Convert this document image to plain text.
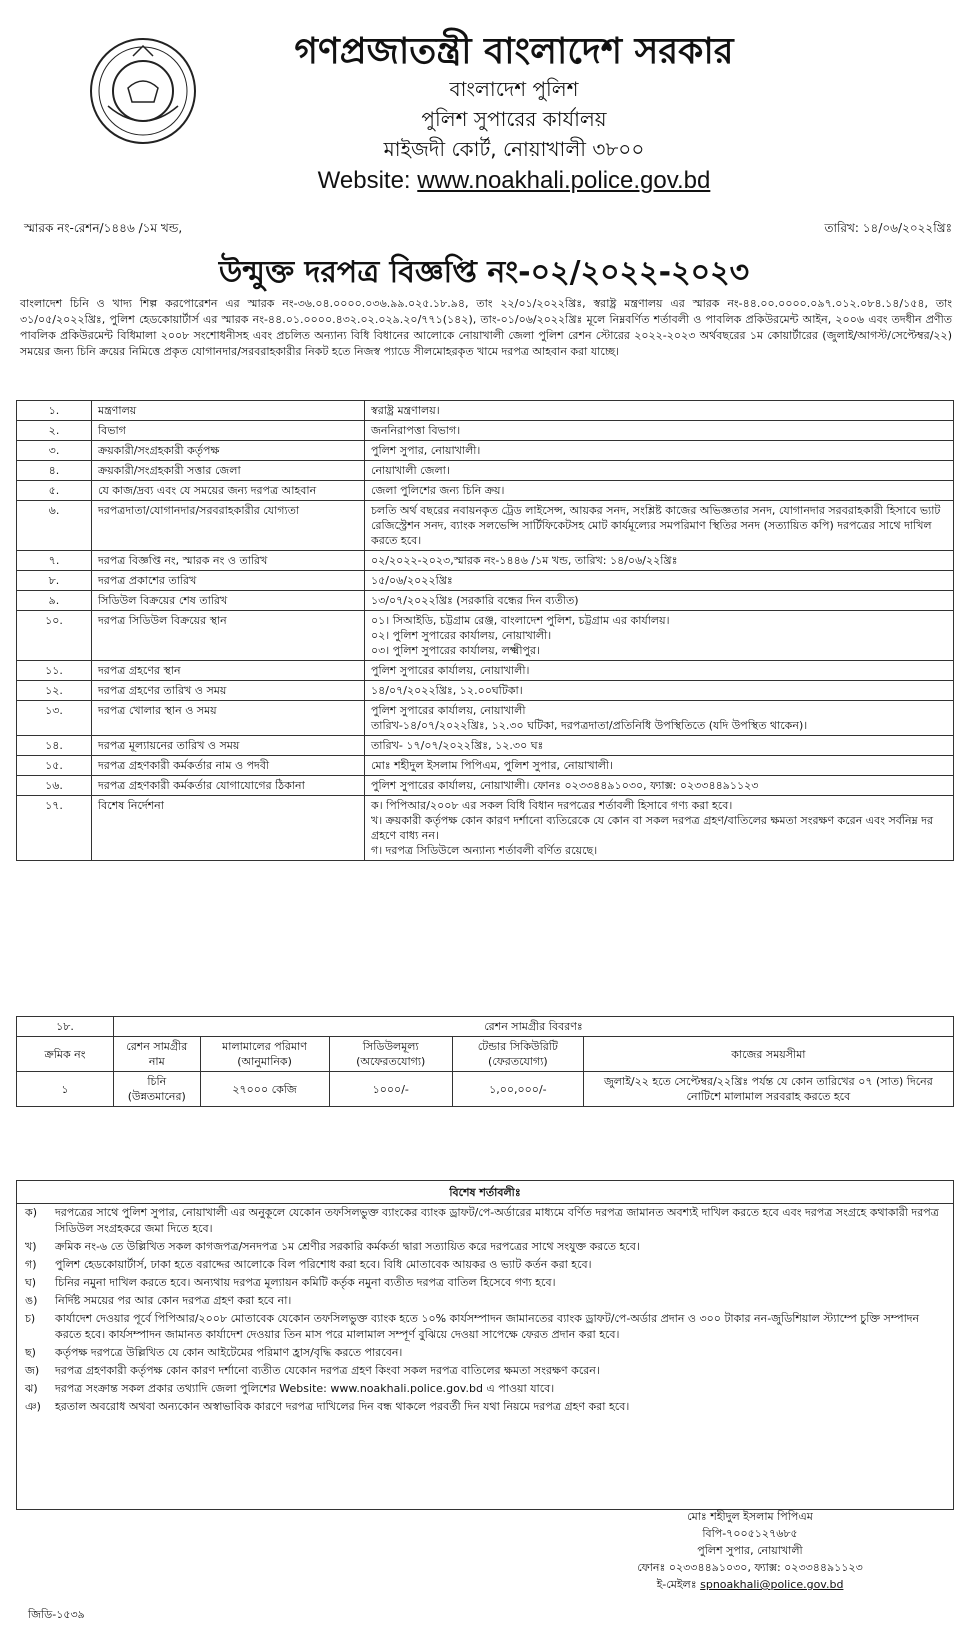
গণপ্রজাতন্ত্রী বাংলাদেশ সরকার
বাংলাদেশ পুলিশ
পুলিশ সুপারের কার্যালয়
মাইজদী কোর্ট, নোয়াখালী ৩৮০০
Website: www.noakhali.police.gov.bd
স্মারক নং-রেশন/১৪৪৬ /১ম খন্ড,	তারিখ: ১৪/০৬/২০২২খ্রিঃ
উন্মুক্ত দরপত্র বিজ্ঞপ্তি নং-০২/২০২২-২০২৩
বাংলাদেশ চিনি ও খাদ্য শিল্প করপোরেশন এর স্মারক নং-৩৬.০৪.০০০০.০৩৬.৯৯.০২৫.১৮.৯৪, তাং ২২/০১/২০২২খ্রিঃ, স্বরাষ্ট্র মন্ত্রণালয় এর স্মারক নং-৪৪.০০.০০০০.০৯৭.০১২.০৮৪.১৪/১৫৪, তাং ৩১/০৫/২০২২খ্রিঃ, পুলিশ হেডকোয়ার্টার্স এর স্মারক নং-৪৪.০১.০০০০.৪৩২.০২.০২৯.২০/৭৭১(১৪২), তাং-০১/০৬/২০২২খ্রিঃ মূলে নিম্নবর্ণিত শর্তাবলী ও পাবলিক প্রকিউরমেন্ট আইন, ২০০৬ এবং তদধীন প্রণীত পাবলিক প্রকিউরমেন্ট বিধিমালা ২০০৮ সংশোধনীসহ এবং প্রচলিত অন্যান্য বিধি বিধানের আলোকে নোয়াখালী জেলা পুলিশ রেশন স্টোরের ২০২২-২০২৩ অর্থবছরের ১ম কোয়ার্টারের (জুলাই/আগস্ট/সেপ্টেম্বর/২২) সময়ের জন্য চিনি ক্রয়ের নিমিত্তে প্রকৃত যোগানদার/সরবরাহকারীর নিকট হতে নিজস্ব প্যাডে সীলমোহরকৃত খামে দরপত্র আহবান করা যাচ্ছে।
১.	মন্ত্রণালয়	স্বরাষ্ট্র মন্ত্রণালয়।
২.	বিভাগ	জননিরাপত্তা বিভাগ।
৩.	ক্রয়কারী/সংগ্রহকারী কর্তৃপক্ষ	পুলিশ সুপার, নোয়াখালী।
৪.	ক্রয়কারী/সংগ্রহকারী সত্তার জেলা	নোয়াখালী জেলা।
৫.	যে কাজ/দ্রব্য এবং যে সময়ের জন্য দরপত্র আহবান	জেলা পুলিশের জন্য চিনি ক্রয়।
৬.	দরপত্রদাতা/যোগানদার/সরবরাহকারীর যোগ্যতা	চলতি অর্থ বছরের নবায়নকৃত ট্রেড লাইসেন্স, আয়কর সনদ, সংশ্লিষ্ট কাজের অভিজ্ঞতার সনদ, যোগানদার সরবরাহকারী হিসাবে ভ্যাট রেজিস্ট্রেশন সনদ, ব্যাংক সলভেন্সি সার্টিফিকেটসহ মোট কার্যমূল্যের সমপরিমাণ স্থিতির সনদ (সত্যায়িত কপি) দরপত্রের সাথে দাখিল করতে হবে।
৭.	দরপত্র বিজ্ঞপ্তি নং, স্মারক নং ও তারিখ	০২/২০২২-২০২৩,স্মারক নং-১৪৪৬ /১ম খন্ড, তারিখ: ১৪/০৬/২২খ্রিঃ
৮.	দরপত্র প্রকাশের তারিখ	১৫/০৬/২০২২খ্রিঃ
৯.	সিডিউল বিক্রয়ের শেষ তারিখ	১৩/০৭/২০২২খ্রিঃ (সরকারি বন্ধের দিন ব্যতীত)
১০.	দরপত্র সিডিউল বিক্রয়ের স্থান	০১। সিআইডি, চট্টগ্রাম রেঞ্জ, বাংলাদেশ পুলিশ, চট্টগ্রাম এর কার্যালয়।
০২। পুলিশ সুপারের কার্যালয়, নোয়াখালী।
০৩। পুলিশ সুপারের কার্যালয়, লক্ষ্মীপুর।
১১.	দরপত্র গ্রহণের স্থান	পুলিশ সুপারের কার্যালয়, নোয়াখালী।
১২.	দরপত্র গ্রহণের তারিখ ও সময়	১৪/০৭/২০২২খ্রিঃ, ১২.০০ঘটিকা।
১৩.	দরপত্র খোলার স্থান ও সময়	পুলিশ সুপারের কার্যালয়, নোয়াখালী
তারিখ-১৪/০৭/২০২২খ্রিঃ, ১২.৩০ ঘটিকা, দরপত্রদাতা/প্রতিনিধি উপস্থিতিতে (যদি উপস্থিত থাকেন)।
১৪.	দরপত্র মূল্যায়নের তারিখ ও সময়	তারিখ- ১৭/০৭/২০২২খ্রিঃ, ১২.৩০ ঘঃ
১৫.	দরপত্র গ্রহণকারী কর্মকর্তার নাম ও পদবী	মোঃ শহীদুল ইসলাম পিপিএম, পুলিশ সুপার, নোয়াখালী।
১৬.	দরপত্র গ্রহণকারী কর্মকর্তার যোগাযোগের ঠিকানা	পুলিশ সুপারের কার্যালয়, নোয়াখালী। ফোনঃ ০২৩৩৪৪৯১০৩০, ফ্যাক্স: ০২৩৩৪৪৯১১২৩
১৭.	বিশেষ নির্দেশনা	ক। পিপিআর/২০০৮ এর সকল বিধি বিধান দরপত্রের শর্তাবলী হিসাবে গণ্য করা হবে।
খ। ক্রয়কারী কর্তৃপক্ষ কোন কারণ দর্শানো ব্যতিরেকে যে কোন বা সকল দরপত্র গ্রহণ/বাতিলের ক্ষমতা সংরক্ষণ করেন এবং সর্বনিম্ন দর গ্রহণে বাধ্য নন।
গ। দরপত্র সিডিউলে অন্যান্য শর্তাবলী বর্ণিত রয়েছে।
১৮.	রেশন সামগ্রীর বিবরণঃ				
ক্রমিক নং	রেশন সামগ্রীর নাম	মালামালের পরিমাণ (আনুমানিক)	সিডিউলমূল্য (অফেরতযোগ্য)	টেন্ডার সিকিউরিটি (ফেরতযোগ্য)	কাজের সময়সীমা
১	চিনি (উন্নতমানের)	২৭০০০ কেজি	১০০০/-	১,০০,০০০/-	জুলাই/২২ হতে সেপ্টেম্বর/২২খ্রিঃ পর্যন্ত যে কোন তারিখের ০৭ (সাত) দিনের নোটিশে মালামাল সরবরাহ করতে হবে
বিশেষ শর্তাবলীঃ
ক)	দরপত্রের সাথে পুলিশ সুপার, নোয়াখালী এর অনুকূলে যেকোন তফসিলভুক্ত ব্যাংকের ব্যাংক ড্রাফট/পে-অর্ডারের মাধ্যমে বর্ণিত দরপত্র জামানত অবশ্যই দাখিল করতে হবে এবং দরপত্র সংগ্রহে কথাকারী দরপত্র সিডিউল সংগ্রহকরে জমা দিতে হবে।
খ)	ক্রমিক নং-৬ তে উল্লিখিত সকল কাগজপত্র/সনদপত্র ১ম শ্রেণীর সরকারি কর্মকর্তা দ্বারা সত্যায়িত করে দরপত্রের সাথে সংযুক্ত করতে হবে।
গ)	পুলিশ হেডকোয়ার্টার্স, ঢাকা হতে বরাদ্দের আলোকে বিল পরিশোধ করা হবে। বিধি মোতাবেক আয়কর ও ভ্যাট কর্তন করা হবে।
ঘ)	চিনির নমুনা দাখিল করতে হবে। অন্যথায় দরপত্র মূল্যায়ন কমিটি কর্তৃক নমুনা ব্যতীত দরপত্র বাতিল হিসেবে গণ্য হবে।
ঙ)	নির্দিষ্ট সময়ের পর আর কোন দরপত্র গ্রহণ করা হবে না।
চ)	কার্যাদেশ দেওয়ার পূর্বে পিপিআর/২০০৮ মোতাবেক যেকোন তফসিলভুক্ত ব্যাংক হতে ১০% কার্যসম্পাদন জামানতের ব্যাংক ড্রাফট/পে-অর্ডার প্রদান ও ৩০০ টাকার নন-জুডিশিয়াল স্ট্যাম্পে চুক্তি সম্পাদন করতে হবে। কার্যসম্পাদন জামানত কার্যাদেশ দেওয়ার তিন মাস পরে মালামাল সম্পূর্ণ বুঝিয়ে দেওয়া সাপেক্ষে ফেরত প্রদান করা হবে।
ছ)	কর্তৃপক্ষ দরপত্রে উল্লিখিত যে কোন আইটেমের পরিমাণ হ্রাস/বৃদ্ধি করতে পারবেন।
জ)	দরপত্র গ্রহণকারী কর্তৃপক্ষ কোন কারণ দর্শানো ব্যতীত যেকোন দরপত্র গ্রহণ কিংবা সকল দরপত্র বাতিলের ক্ষমতা সংরক্ষণ করেন।
ঝ)	দরপত্র সংক্রান্ত সকল প্রকার তথ্যাদি জেলা পুলিশের Website: www.noakhali.police.gov.bd এ পাওয়া যাবে।
ঞ)	হরতাল অবরোধ অথবা অন্যকোন অস্বাভাবিক কারণে দরপত্র দাখিলের দিন বন্ধ থাকলে পরবর্তী দিন যথা নিয়মে দরপত্র গ্রহণ করা হবে।
মোঃ শহীদুল ইসলাম পিপিএম
বিপি-৭০০৫১২৭৬৮৫
পুলিশ সুপার, নোয়াখালী
ফোনঃ ০২৩৩৪৪৯১০৩০, ফ্যাক্স: ০২৩৩৪৪৯১১২৩
ই-মেইলঃ spnoakhali@police.gov.bd
জিডি-১৫৩৯
